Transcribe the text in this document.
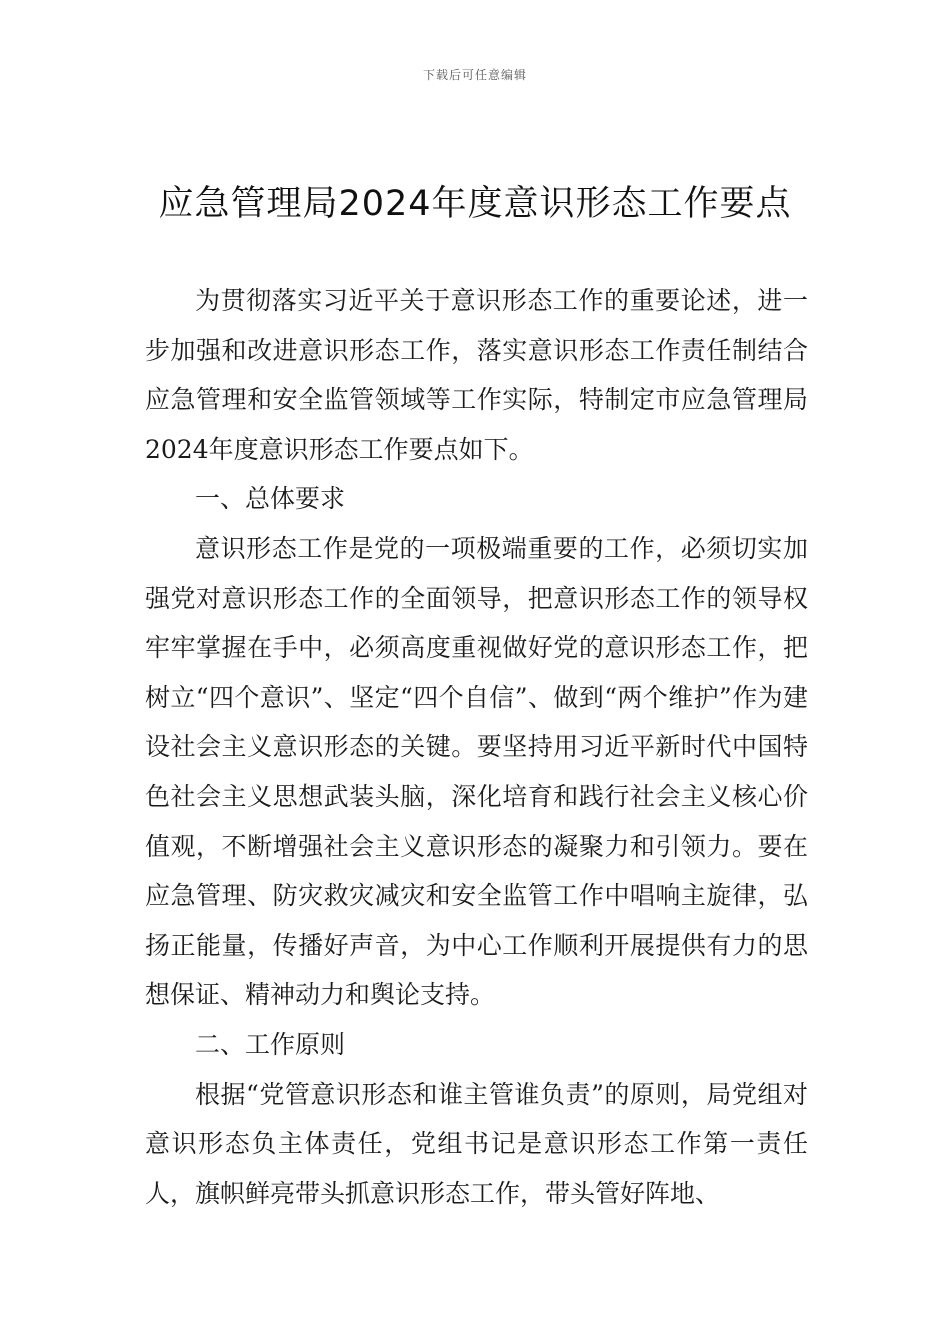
下载后可任意编辑
应急管理局2024年度意识形态工作要点

为贯彻落实习近平关于意识形态工作的重要论述，进一步加强和改进意识形态工作，落实意识形态工作责任制结合应急管理和安全监管领域等工作实际，特制定市应急管理局2024年度意识形态工作要点如下。

一、总体要求

意识形态工作是党的一项极端重要的工作，必须切实加强党对意识形态工作的全面领导，把意识形态工作的领导权牢牢掌握在手中，必须高度重视做好党的意识形态工作，把树立“四个意识”、坚定“四个自信”、做到“两个维护”作为建设社会主义意识形态的关键。要坚持用习近平新时代中国特色社会主义思想武装头脑，深化培育和践行社会主义核心价值观，不断增强社会主义意识形态的凝聚力和引领力。要在应急管理、防灾救灾减灾和安全监管工作中唱响主旋律，弘扬正能量，传播好声音，为中心工作顺利开展提供有力的思想保证、精神动力和舆论支持。

二、工作原则

根据“党管意识形态和谁主管谁负责”的原则，局党组对意识形态负主体责任，党组书记是意识形态工作第一责任人，旗帜鲜亮带头抓意识形态工作，带头管好阵地、
